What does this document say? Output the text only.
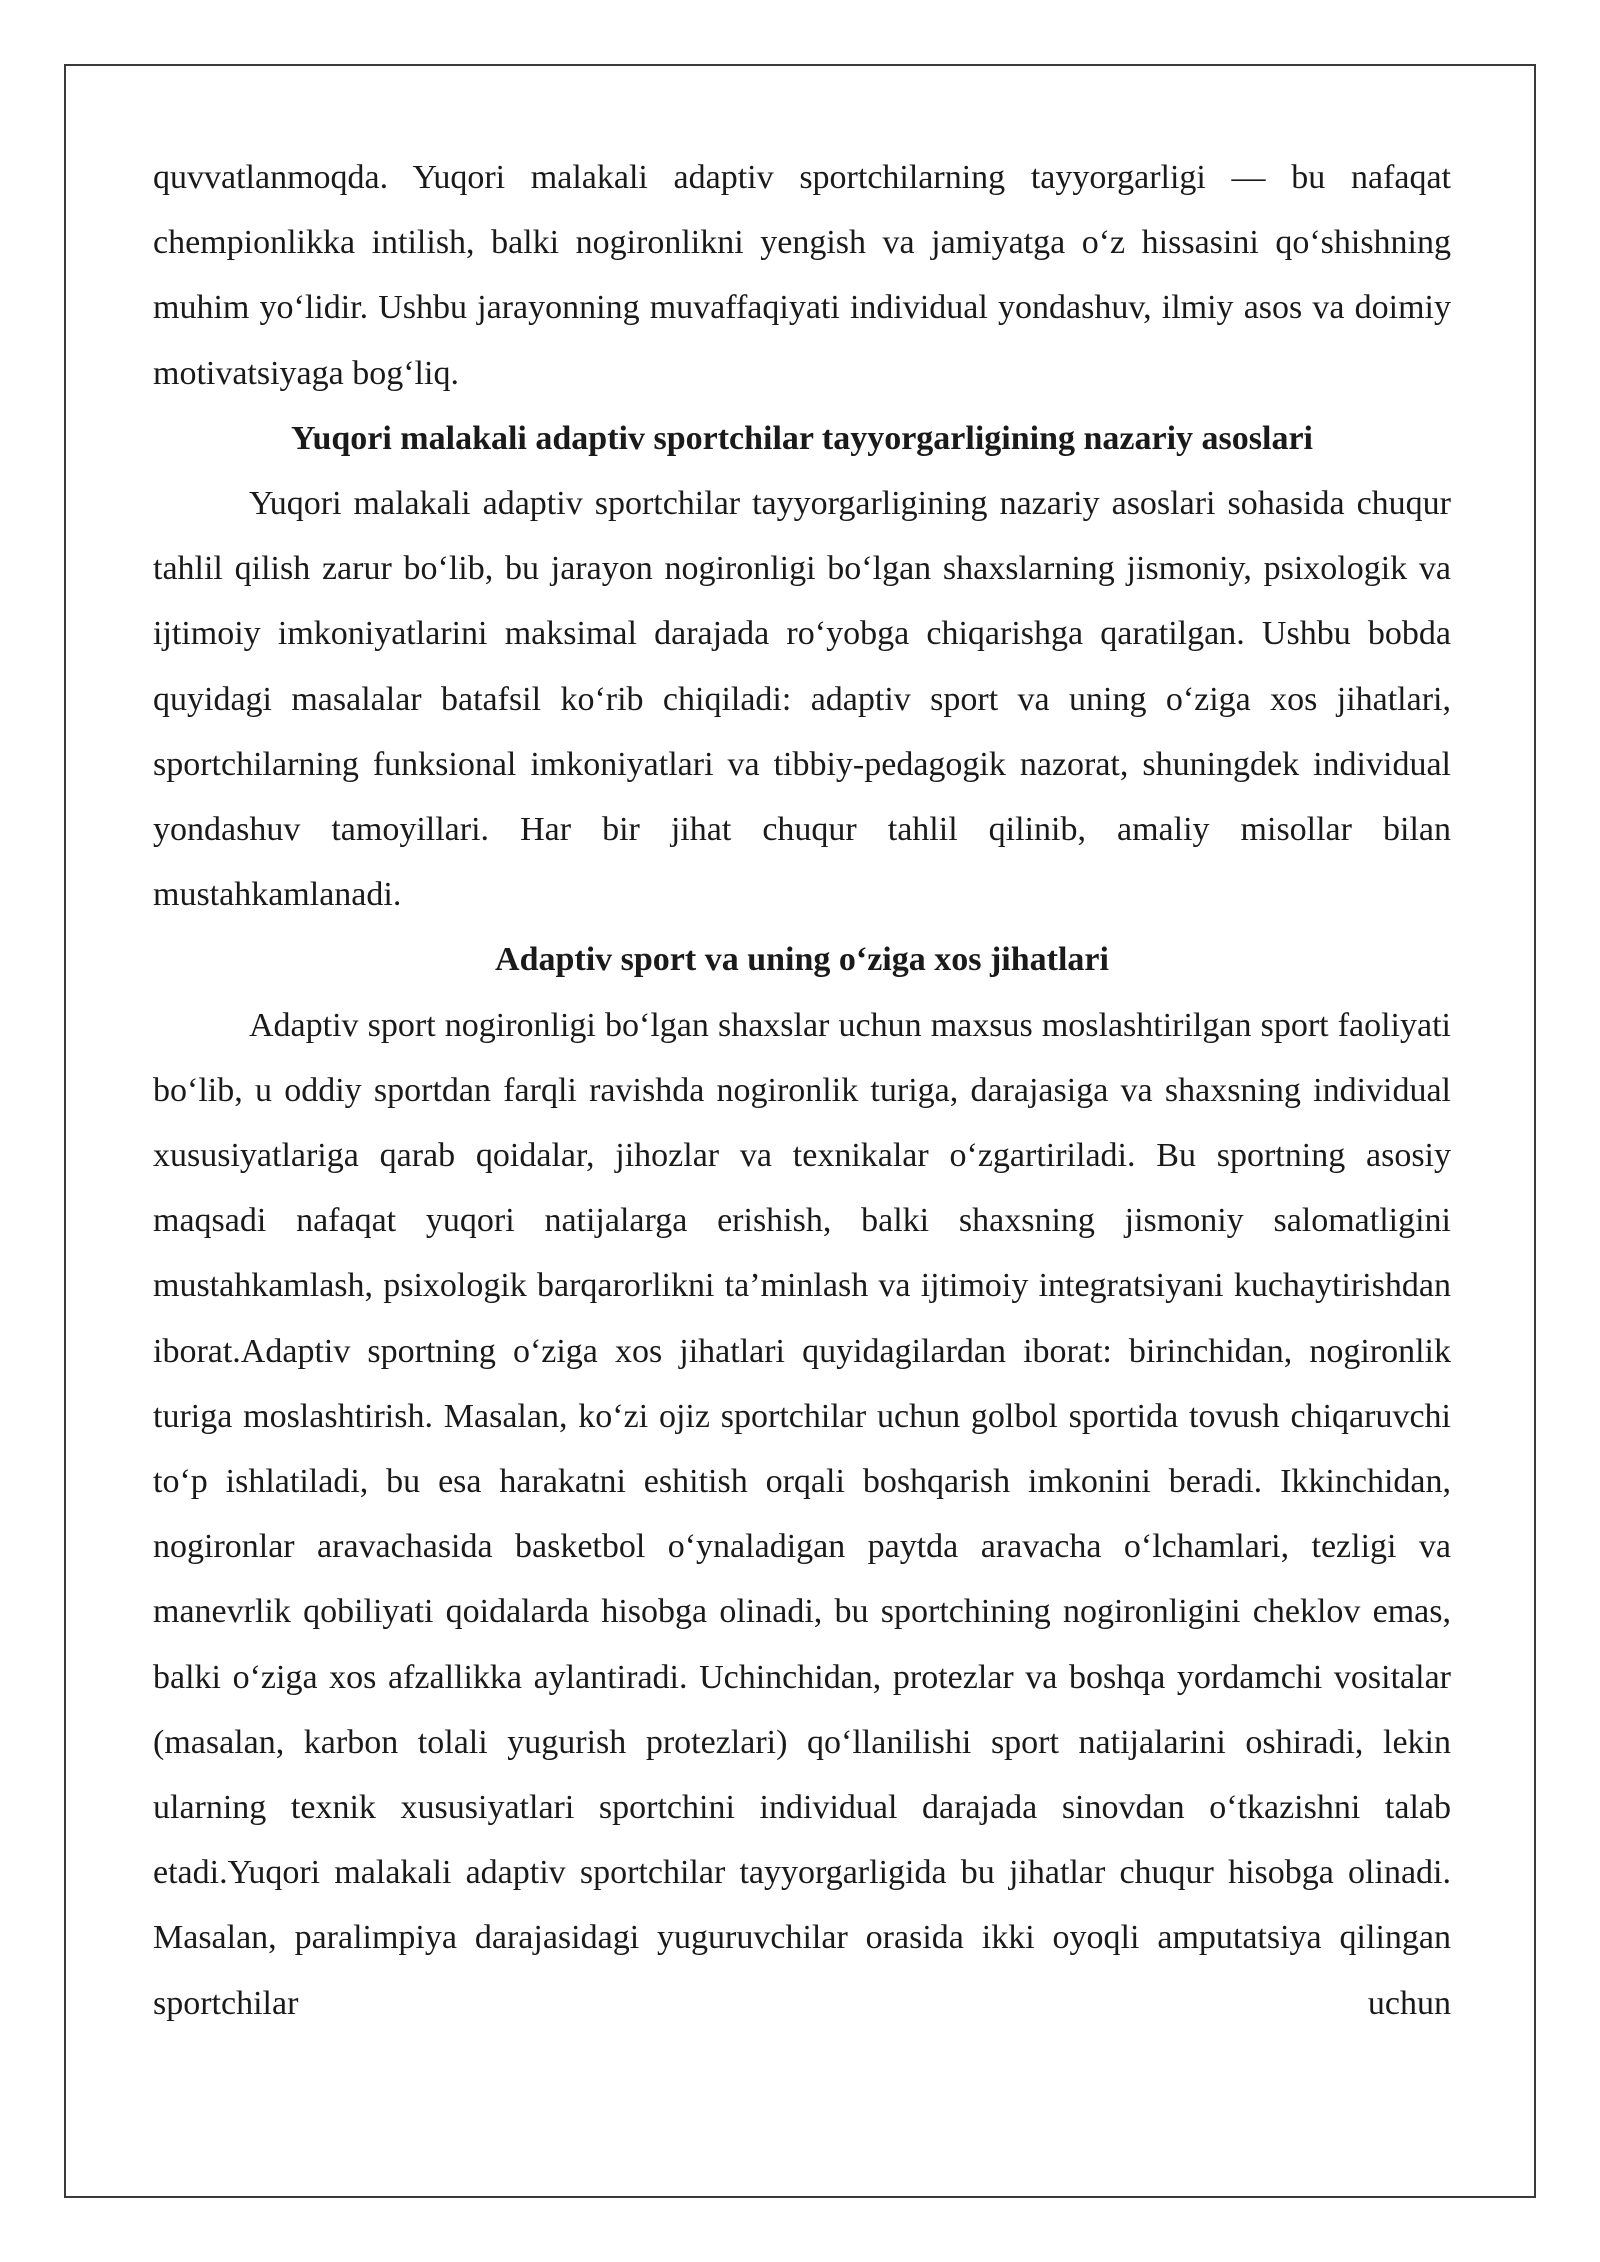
quvvatlanmoqda. Yuqori malakali adaptiv sportchilarning tayyorgarligi — bu nafaqat chempionlikka intilish, balki nogironlikni yengish va jamiyatga o‘z hissasini qo‘shishning muhim yo‘lidir. Ushbu jarayonning muvaffaqiyati individual yondashuv, ilmiy asos va doimiy motivatsiyaga bog‘liq.

Yuqori malakali adaptiv sportchilar tayyorgarligining nazariy asoslari

Yuqori malakali adaptiv sportchilar tayyorgarligining nazariy asoslari sohasida chuqur tahlil qilish zarur bo‘lib, bu jarayon nogironligi bo‘lgan shaxslarning jismoniy, psixologik va ijtimoiy imkoniyatlarini maksimal darajada ro‘yobga chiqarishga qaratilgan. Ushbu bobda quyidagi masalalar batafsil ko‘rib chiqiladi: adaptiv sport va uning o‘ziga xos jihatlari, sportchilarning funksional imkoniyatlari va tibbiy-pedagogik nazorat, shuningdek individual yondashuv tamoyillari. Har bir jihat chuqur tahlil qilinib, amaliy misollar bilan mustahkamlanadi.

Adaptiv sport va uning o‘ziga xos jihatlari

Adaptiv sport nogironligi bo‘lgan shaxslar uchun maxsus moslashtirilgan sport faoliyati bo‘lib, u oddiy sportdan farqli ravishda nogironlik turiga, darajasiga va shaxsning individual xususiyatlariga qarab qoidalar, jihozlar va texnikalar o‘zgartiriladi. Bu sportning asosiy maqsadi nafaqat yuqori natijalarga erishish, balki shaxsning jismoniy salomatligini mustahkamlash, psixologik barqarorlikni ta’minlash va ijtimoiy integratsiyani kuchaytirishdan iborat.Adaptiv sportning o‘ziga xos jihatlari quyidagilardan iborat: birinchidan, nogironlik turiga moslashtirish. Masalan, ko‘zi ojiz sportchilar uchun golbol sportida tovush chiqaruvchi to‘p ishlatiladi, bu esa harakatni eshitish orqali boshqarish imkonini beradi. Ikkinchidan, nogironlar aravachasida basketbol o‘ynaladigan paytda aravacha o‘lchamlari, tezligi va manevrlik qobiliyati qoidalarda hisobga olinadi, bu sportchining nogironligini cheklov emas, balki o‘ziga xos afzallikka aylantiradi. Uchinchidan, protezlar va boshqa yordamchi vositalar (masalan, karbon tolali yugurish protezlari) qo‘llanilishi sport natijalarini oshiradi, lekin ularning texnik xususiyatlari sportchini individual darajada sinovdan o‘tkazishni talab etadi.Yuqori malakali adaptiv sportchilar tayyorgarligida bu jihatlar chuqur hisobga olinadi. Masalan, paralimpiya darajasidagi yuguruvchilar orasida ikki oyoqli amputatsiya qilingan sportchilar uchun
